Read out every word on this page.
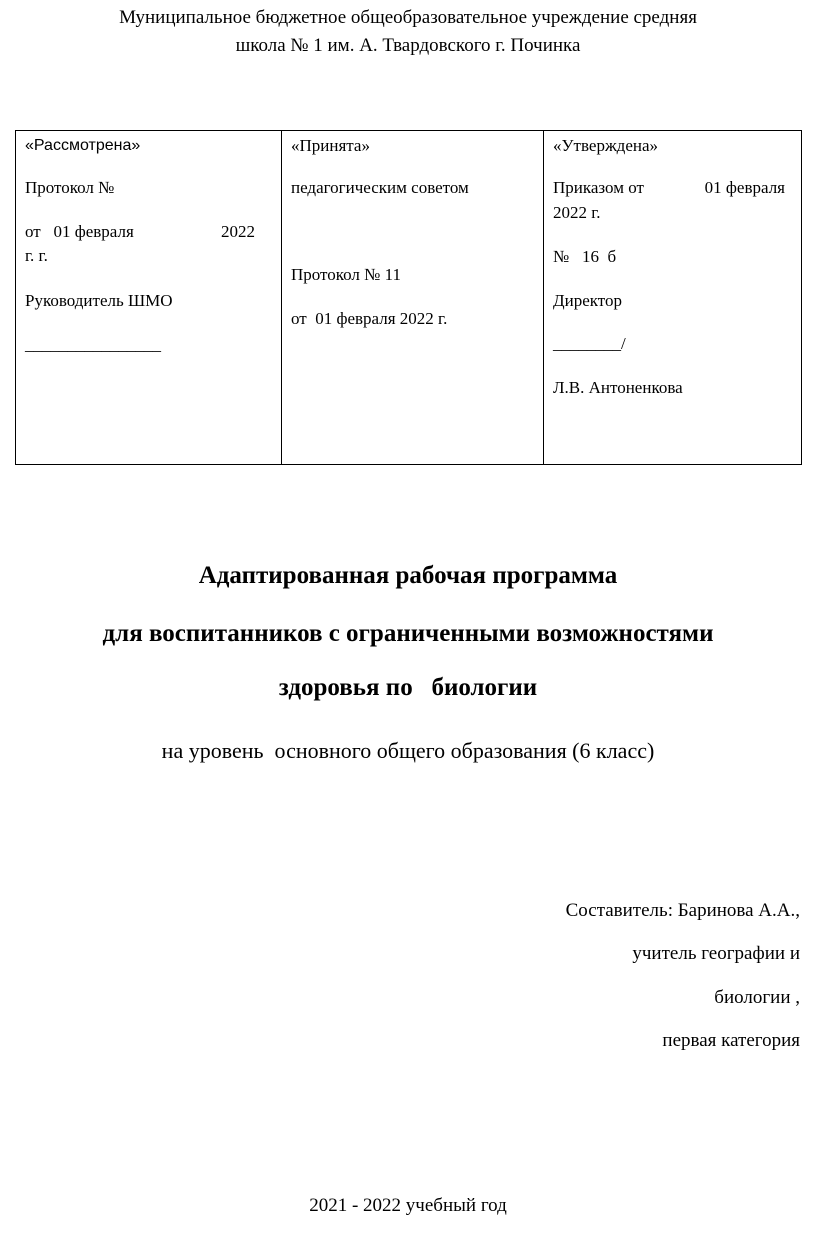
Муниципальное бюджетное общеобразовательное учреждение средняя
школа № 1 им. А. Твардовского г. Починка
«Рассмотрена»
Протокол №
от   01 февраля	2022
г. г.
Руководитель ШМО
________________

«Принята»
педагогическим советом
Протокол № 11
от  01 февраля 2022 г.

«Утверждена»
Приказом от	01 февраля
2022 г.
№   16  б
Директор
________/
Л.В. Антоненкова
Адаптированная рабочая программа
для воспитанников с ограниченными возможностями
здоровья по   биологии
на уровень  основного общего образования (6 класс)
Составитель: Баринова А.А.,
учитель географии и
биологии ,
первая категория
2021 - 2022 учебный год
